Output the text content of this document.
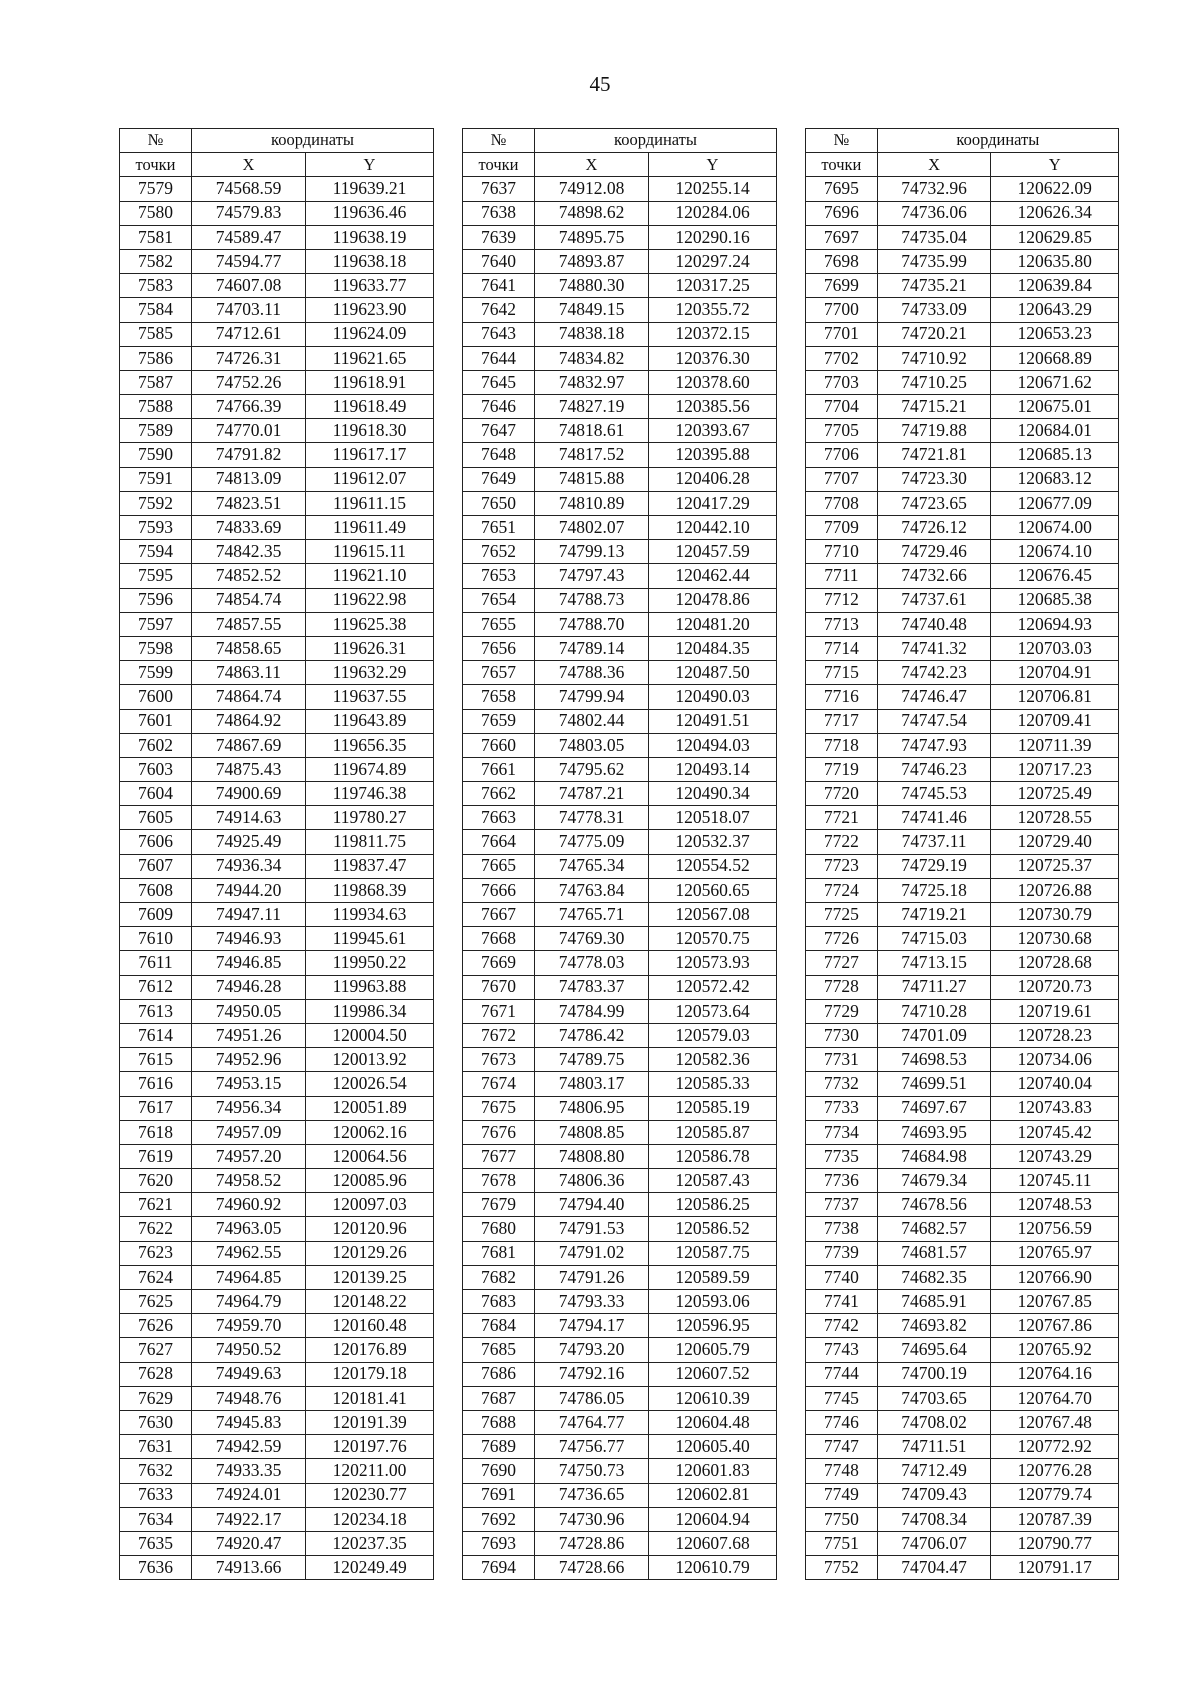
45
№	координаты	
точки	X	Y
7579	74568.59	119639.21
7580	74579.83	119636.46
7581	74589.47	119638.19
7582	74594.77	119638.18
7583	74607.08	119633.77
7584	74703.11	119623.90
7585	74712.61	119624.09
7586	74726.31	119621.65
7587	74752.26	119618.91
7588	74766.39	119618.49
7589	74770.01	119618.30
7590	74791.82	119617.17
7591	74813.09	119612.07
7592	74823.51	119611.15
7593	74833.69	119611.49
7594	74842.35	119615.11
7595	74852.52	119621.10
7596	74854.74	119622.98
7597	74857.55	119625.38
7598	74858.65	119626.31
7599	74863.11	119632.29
7600	74864.74	119637.55
7601	74864.92	119643.89
7602	74867.69	119656.35
7603	74875.43	119674.89
7604	74900.69	119746.38
7605	74914.63	119780.27
7606	74925.49	119811.75
7607	74936.34	119837.47
7608	74944.20	119868.39
7609	74947.11	119934.63
7610	74946.93	119945.61
7611	74946.85	119950.22
7612	74946.28	119963.88
7613	74950.05	119986.34
7614	74951.26	120004.50
7615	74952.96	120013.92
7616	74953.15	120026.54
7617	74956.34	120051.89
7618	74957.09	120062.16
7619	74957.20	120064.56
7620	74958.52	120085.96
7621	74960.92	120097.03
7622	74963.05	120120.96
7623	74962.55	120129.26
7624	74964.85	120139.25
7625	74964.79	120148.22
7626	74959.70	120160.48
7627	74950.52	120176.89
7628	74949.63	120179.18
7629	74948.76	120181.41
7630	74945.83	120191.39
7631	74942.59	120197.76
7632	74933.35	120211.00
7633	74924.01	120230.77
7634	74922.17	120234.18
7635	74920.47	120237.35
7636	74913.66	120249.49
№	координаты	
точки	X	Y
7637	74912.08	120255.14
7638	74898.62	120284.06
7639	74895.75	120290.16
7640	74893.87	120297.24
7641	74880.30	120317.25
7642	74849.15	120355.72
7643	74838.18	120372.15
7644	74834.82	120376.30
7645	74832.97	120378.60
7646	74827.19	120385.56
7647	74818.61	120393.67
7648	74817.52	120395.88
7649	74815.88	120406.28
7650	74810.89	120417.29
7651	74802.07	120442.10
7652	74799.13	120457.59
7653	74797.43	120462.44
7654	74788.73	120478.86
7655	74788.70	120481.20
7656	74789.14	120484.35
7657	74788.36	120487.50
7658	74799.94	120490.03
7659	74802.44	120491.51
7660	74803.05	120494.03
7661	74795.62	120493.14
7662	74787.21	120490.34
7663	74778.31	120518.07
7664	74775.09	120532.37
7665	74765.34	120554.52
7666	74763.84	120560.65
7667	74765.71	120567.08
7668	74769.30	120570.75
7669	74778.03	120573.93
7670	74783.37	120572.42
7671	74784.99	120573.64
7672	74786.42	120579.03
7673	74789.75	120582.36
7674	74803.17	120585.33
7675	74806.95	120585.19
7676	74808.85	120585.87
7677	74808.80	120586.78
7678	74806.36	120587.43
7679	74794.40	120586.25
7680	74791.53	120586.52
7681	74791.02	120587.75
7682	74791.26	120589.59
7683	74793.33	120593.06
7684	74794.17	120596.95
7685	74793.20	120605.79
7686	74792.16	120607.52
7687	74786.05	120610.39
7688	74764.77	120604.48
7689	74756.77	120605.40
7690	74750.73	120601.83
7691	74736.65	120602.81
7692	74730.96	120604.94
7693	74728.86	120607.68
7694	74728.66	120610.79
№	координаты	
точки	X	Y
7695	74732.96	120622.09
7696	74736.06	120626.34
7697	74735.04	120629.85
7698	74735.99	120635.80
7699	74735.21	120639.84
7700	74733.09	120643.29
7701	74720.21	120653.23
7702	74710.92	120668.89
7703	74710.25	120671.62
7704	74715.21	120675.01
7705	74719.88	120684.01
7706	74721.81	120685.13
7707	74723.30	120683.12
7708	74723.65	120677.09
7709	74726.12	120674.00
7710	74729.46	120674.10
7711	74732.66	120676.45
7712	74737.61	120685.38
7713	74740.48	120694.93
7714	74741.32	120703.03
7715	74742.23	120704.91
7716	74746.47	120706.81
7717	74747.54	120709.41
7718	74747.93	120711.39
7719	74746.23	120717.23
7720	74745.53	120725.49
7721	74741.46	120728.55
7722	74737.11	120729.40
7723	74729.19	120725.37
7724	74725.18	120726.88
7725	74719.21	120730.79
7726	74715.03	120730.68
7727	74713.15	120728.68
7728	74711.27	120720.73
7729	74710.28	120719.61
7730	74701.09	120728.23
7731	74698.53	120734.06
7732	74699.51	120740.04
7733	74697.67	120743.83
7734	74693.95	120745.42
7735	74684.98	120743.29
7736	74679.34	120745.11
7737	74678.56	120748.53
7738	74682.57	120756.59
7739	74681.57	120765.97
7740	74682.35	120766.90
7741	74685.91	120767.85
7742	74693.82	120767.86
7743	74695.64	120765.92
7744	74700.19	120764.16
7745	74703.65	120764.70
7746	74708.02	120767.48
7747	74711.51	120772.92
7748	74712.49	120776.28
7749	74709.43	120779.74
7750	74708.34	120787.39
7751	74706.07	120790.77
7752	74704.47	120791.17
